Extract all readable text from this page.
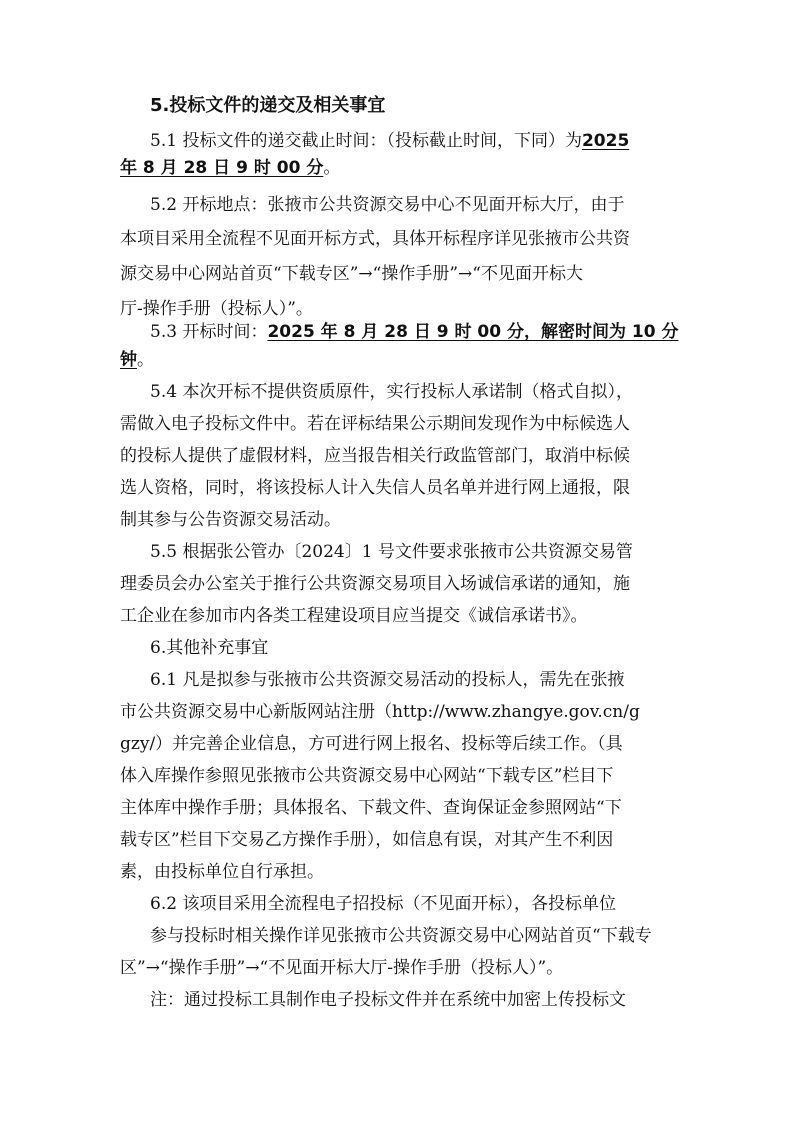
5.投标文件的递交及相关事宜
5.1 投标文件的递交截止时间：（投标截止时间，下同）为2025
年 8 月 28 日 9 时 00 分。
5.2 开标地点：张掖市公共资源交易中心不见面开标大厅，由于
本项目采用全流程不见面开标方式，具体开标程序详见张掖市公共资
源交易中心网站首页“下载专区”→“操作手册”→“不见面开标大
厅-操作手册（投标人）”。
5.3 开标时间：2025 年 8 月 28 日 9 时 00 分，解密时间为 10 分
钟。
5.4 本次开标不提供资质原件，实行投标人承诺制（格式自拟），
需做入电子投标文件中。若在评标结果公示期间发现作为中标候选人
的投标人提供了虚假材料，应当报告相关行政监管部门，取消中标候
选人资格，同时，将该投标人计入失信人员名单并进行网上通报，限
制其参与公告资源交易活动。
5.5 根据张公管办〔2024〕1 号文件要求张掖市公共资源交易管
理委员会办公室关于推行公共资源交易项目入场诚信承诺的通知，施
工企业在参加市内各类工程建设项目应当提交《诚信承诺书》。
6.其他补充事宜
6.1 凡是拟参与张掖市公共资源交易活动的投标人，需先在张掖
市公共资源交易中心新版网站注册（http://www.zhangye.gov.cn/g
gzy/）并完善企业信息，方可进行网上报名、投标等后续工作。（具
体入库操作参照见张掖市公共资源交易中心网站“下载专区”栏目下
主体库中操作手册；具体报名、下载文件、查询保证金参照网站“下
载专区”栏目下交易乙方操作手册），如信息有误，对其产生不利因
素，由投标单位自行承担。
6.2 该项目采用全流程电子招投标（不见面开标），各投标单位
参与投标时相关操作详见张掖市公共资源交易中心网站首页“下载专
区”→“操作手册”→“不见面开标大厅-操作手册（投标人）”。
注：通过投标工具制作电子投标文件并在系统中加密上传投标文
